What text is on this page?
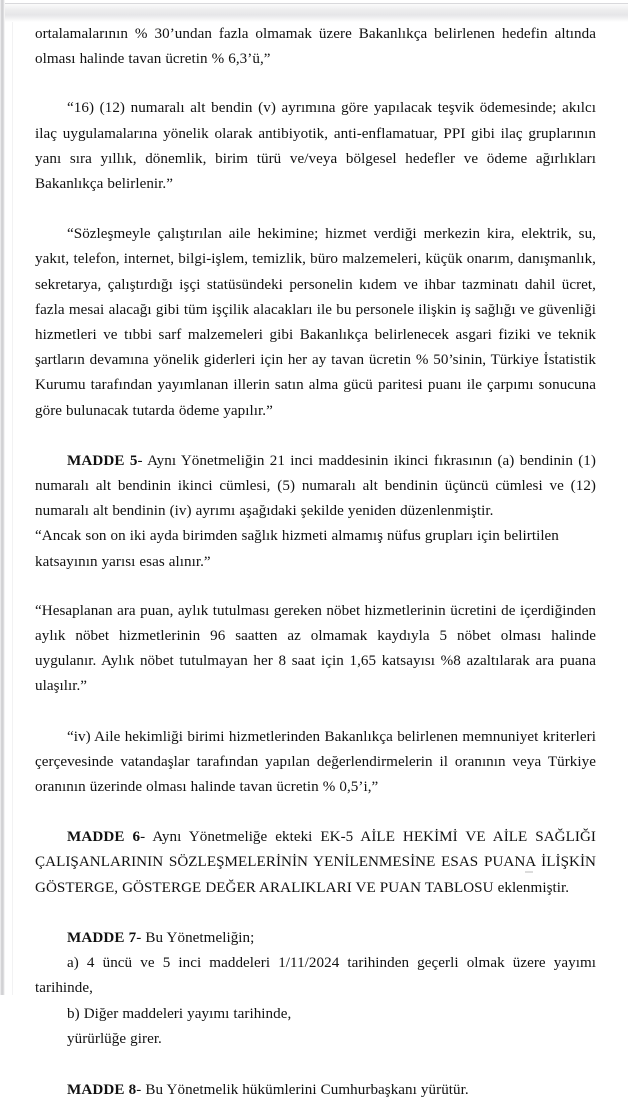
ortalamalarının % 30’undan fazla olmamak üzere Bakanlıkça belirlenen hedefin altında olması halinde tavan ücretin % 6,3’ü,”

“16) (12) numaralı alt bendin (v) ayrımına göre yapılacak teşvik ödemesinde; akılcı ilaç uygulamalarına yönelik olarak antibiyotik, anti-enflamatuar, PPI gibi ilaç gruplarının yanı sıra yıllık, dönemlik, birim türü ve/veya bölgesel hedefler ve ödeme ağırlıkları Bakanlıkça belirlenir.”

“Sözleşmeyle çalıştırılan aile hekimine; hizmet verdiği merkezin kira, elektrik, su, yakıt, telefon, internet, bilgi-işlem, temizlik, büro malzemeleri, küçük onarım, danışmanlık, sekretarya, çalıştırdığı işçi statüsündeki personelin kıdem ve ihbar tazminatı dahil ücret, fazla mesai alacağı gibi tüm işçilik alacakları ile bu personele ilişkin iş sağlığı ve güvenliği hizmetleri ve tıbbi sarf malzemeleri gibi Bakanlıkça belirlenecek asgari fiziki ve teknik şartların devamına yönelik giderleri için her ay tavan ücretin % 50’sinin, Türkiye İstatistik Kurumu tarafından yayımlanan illerin satın alma gücü paritesi puanı ile çarpımı sonucuna göre bulunacak tutarda ödeme yapılır.”

MADDE 5- Aynı Yönetmeliğin 21 inci maddesinin ikinci fıkrasının (a) bendinin (1) numaralı alt bendinin ikinci cümlesi, (5) numaralı alt bendinin üçüncü cümlesi ve (12) numaralı alt bendinin (iv) ayrımı aşağıdaki şekilde yeniden düzenlenmiştir.

“Ancak son on iki ayda birimden sağlık hizmeti almamış nüfus grupları için belirtilen katsayının yarısı esas alınır.”

“Hesaplanan ara puan, aylık tutulması gereken nöbet hizmetlerinin ücretini de içerdiğinden aylık nöbet hizmetlerinin 96 saatten az olmamak kaydıyla 5 nöbet olması halinde uygulanır. Aylık nöbet tutulmayan her 8 saat için 1,65 katsayısı %8 azaltılarak ara puana ulaşılır.”

“iv) Aile hekimliği birimi hizmetlerinden Bakanlıkça belirlenen memnuniyet kriterleri çerçevesinde vatandaşlar tarafından yapılan değerlendirmelerin il oranının veya Türkiye oranının üzerinde olması halinde tavan ücretin % 0,5’i,”

MADDE 6- Aynı Yönetmeliğe ekteki EK-5 AİLE HEKİMİ VE AİLE SAĞLIĞI ÇALIŞANLARININ SÖZLEŞMELERİNİN YENİLENMESİNE ESAS PUANA İLİŞKİN GÖSTERGE, GÖSTERGE DEĞER ARALIKLARI VE PUAN TABLOSU eklenmiştir.

MADDE 7- Bu Yönetmeliğin;

a) 4 üncü ve 5 inci maddeleri 1/11/2024 tarihinden geçerli olmak üzere yayımı tarihinde,

b) Diğer maddeleri yayımı tarihinde,

yürürlüğe girer.

MADDE 8- Bu Yönetmelik hükümlerini Cumhurbaşkanı yürütür.
